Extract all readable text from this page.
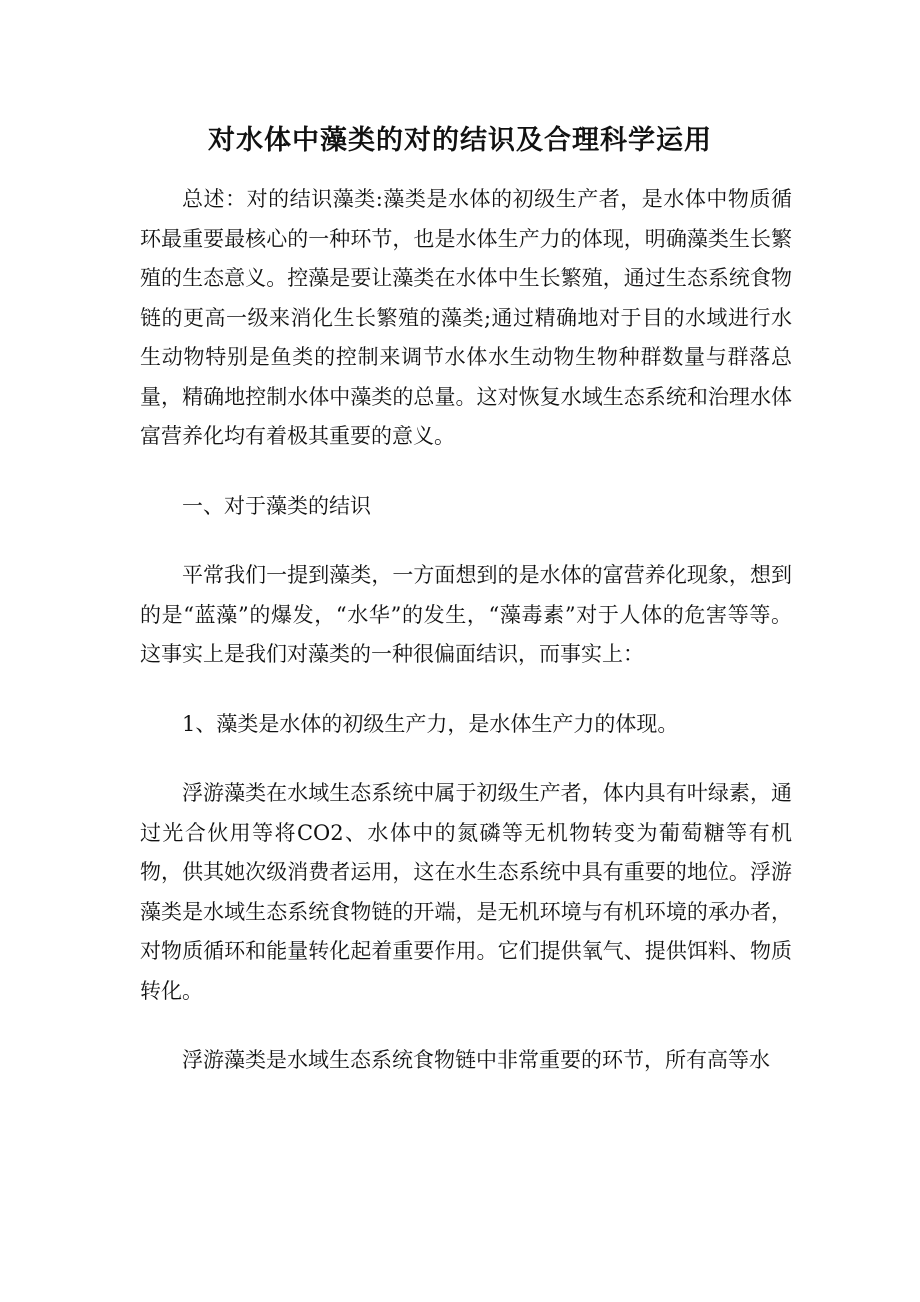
对水体中藻类的对的结识及合理科学运用

总述：对的结识藻类:藻类是水体的初级生产者，是水体中物质循环最重要最核心的一种环节，也是水体生产力的体现，明确藻类生长繁殖的生态意义。控藻是要让藻类在水体中生长繁殖，通过生态系统食物链的更高一级来消化生长繁殖的藻类;通过精确地对于目的水域进行水生动物特别是鱼类的控制来调节水体水生动物生物种群数量与群落总量，精确地控制水体中藻类的总量。这对恢复水域生态系统和治理水体富营养化均有着极其重要的意义。

一、对于藻类的结识

平常我们一提到藻类，一方面想到的是水体的富营养化现象，想到的是“蓝藻”的爆发，“水华”的发生，“藻毒素”对于人体的危害等等。这事实上是我们对藻类的一种很偏面结识，而事实上：

1、藻类是水体的初级生产力，是水体生产力的体现。

浮游藻类在水域生态系统中属于初级生产者，体内具有叶绿素，通过光合伙用等将CO2、水体中的氮磷等无机物转变为葡萄糖等有机物，供其她次级消费者运用，这在水生态系统中具有重要的地位。浮游藻类是水域生态系统食物链的开端，是无机环境与有机环境的承办者，对物质循环和能量转化起着重要作用。它们提供氧气、提供饵料、物质转化。

浮游藻类是水域生态系统食物链中非常重要的环节，所有高等水
